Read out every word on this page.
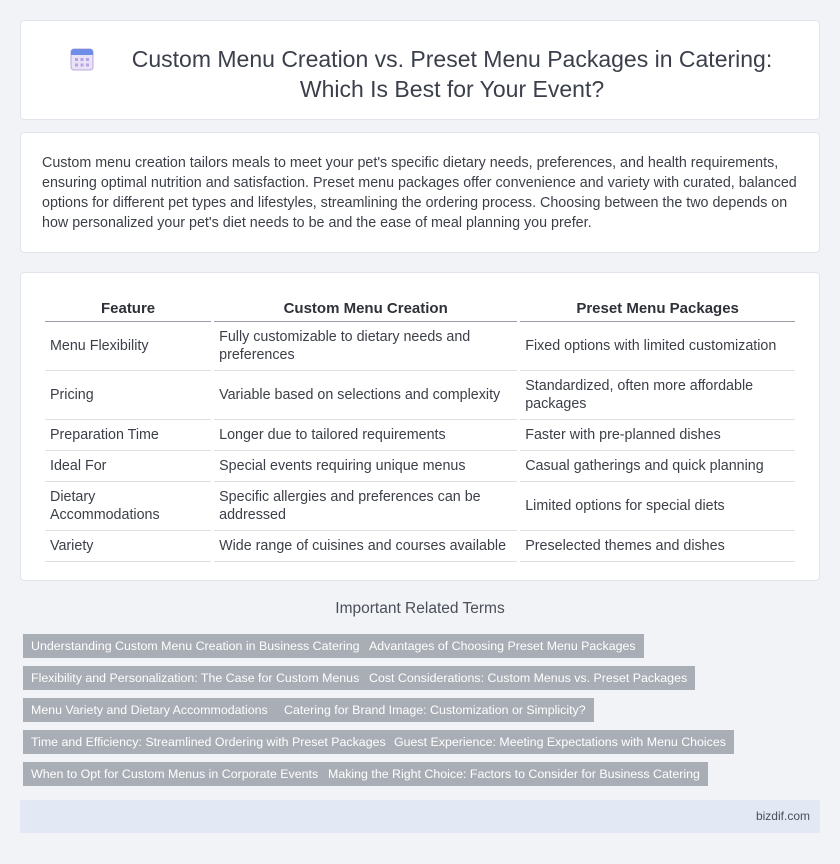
Custom Menu Creation vs. Preset Menu Packages in Catering:
Which Is Best for Your Event?

Custom menu creation tailors meals to meet your pet's specific dietary needs, preferences, and health requirements, ensuring optimal nutrition and satisfaction. Preset menu packages offer convenience and variety with curated, balanced options for different pet types and lifestyles, streamlining the ordering process. Choosing between the two depends on how personalized your pet's diet needs to be and the ease of meal planning you prefer.

Feature	Custom Menu Creation	Preset Menu Packages
Menu Flexibility	Fully customizable to dietary needs and preferences	Fixed options with limited customization
Pricing	Variable based on selections and complexity	Standardized, often more affordable packages
Preparation Time	Longer due to tailored requirements	Faster with pre-planned dishes
Ideal For	Special events requiring unique menus	Casual gatherings and quick planning
Dietary Accommodations	Specific allergies and preferences can be addressed	Limited options for special diets
Variety	Wide range of cuisines and courses available	Preselected themes and dishes
Important Related Terms
Understanding Custom Menu Creation in Business Catering Advantages of Choosing Preset Menu Packages
Flexibility and Personalization: The Case for Custom Menus Cost Considerations: Custom Menus vs. Preset Packages
Menu Variety and Dietary Accommodations	Catering for Brand Image: Customization or Simplicity?
Time and Efficiency: Streamlined Ordering with Preset Packages Guest Experience: Meeting Expectations with Menu Choices
When to Opt for Custom Menus in Corporate Events Making the Right Choice: Factors to Consider for Business Catering
bizdif.com
